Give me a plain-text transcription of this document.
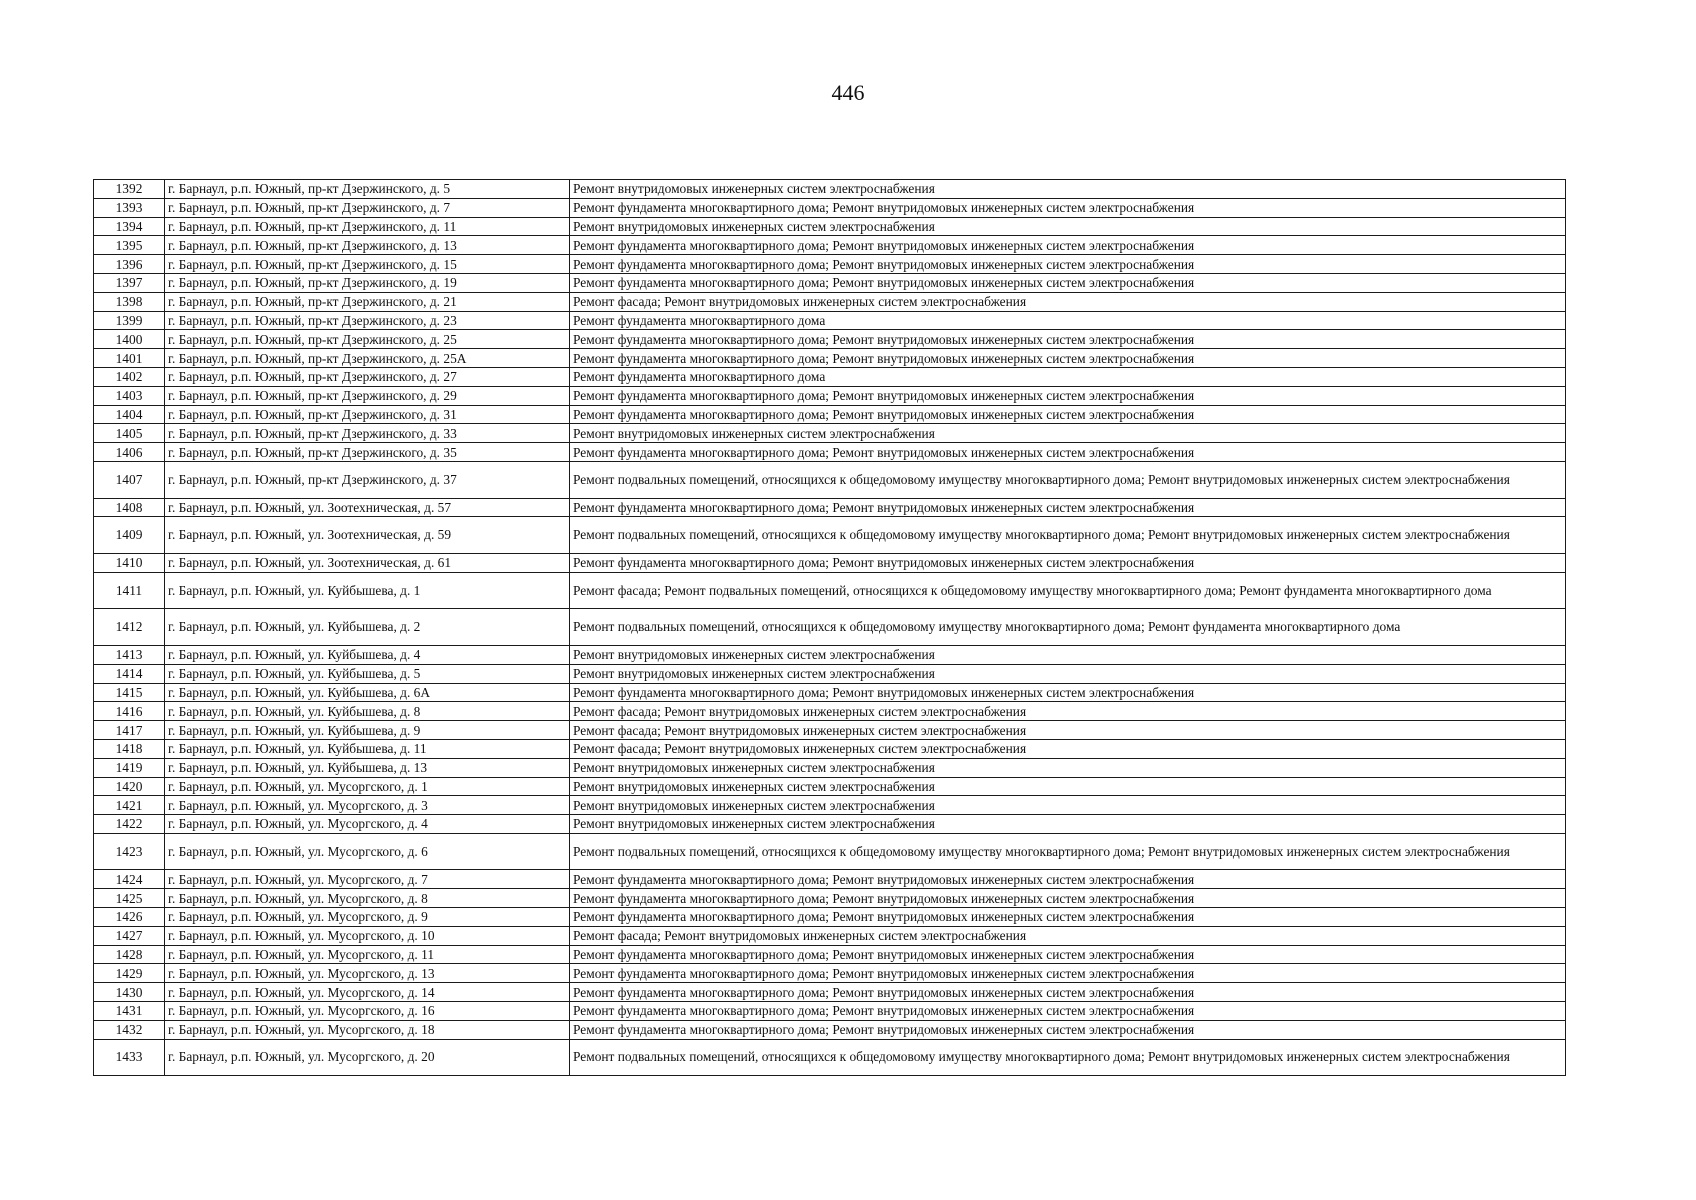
446
1392	г. Барнаул, р.п. Южный, пр-кт Дзержинского, д. 5	Ремонт внутридомовых инженерных систем электроснабжения
1393	г. Барнаул, р.п. Южный, пр-кт Дзержинского, д. 7	Ремонт фундамента многоквартирного дома; Ремонт внутридомовых инженерных систем электроснабжения
1394	г. Барнаул, р.п. Южный, пр-кт Дзержинского, д. 11	Ремонт внутридомовых инженерных систем электроснабжения
1395	г. Барнаул, р.п. Южный, пр-кт Дзержинского, д. 13	Ремонт фундамента многоквартирного дома; Ремонт внутридомовых инженерных систем электроснабжения
1396	г. Барнаул, р.п. Южный, пр-кт Дзержинского, д. 15	Ремонт фундамента многоквартирного дома; Ремонт внутридомовых инженерных систем электроснабжения
1397	г. Барнаул, р.п. Южный, пр-кт Дзержинского, д. 19	Ремонт фундамента многоквартирного дома; Ремонт внутридомовых инженерных систем электроснабжения
1398	г. Барнаул, р.п. Южный, пр-кт Дзержинского, д. 21	Ремонт фасада; Ремонт внутридомовых инженерных систем электроснабжения
1399	г. Барнаул, р.п. Южный, пр-кт Дзержинского, д. 23	Ремонт фундамента многоквартирного дома
1400	г. Барнаул, р.п. Южный, пр-кт Дзержинского, д. 25	Ремонт фундамента многоквартирного дома; Ремонт внутридомовых инженерных систем электроснабжения
1401	г. Барнаул, р.п. Южный, пр-кт Дзержинского, д. 25А	Ремонт фундамента многоквартирного дома; Ремонт внутридомовых инженерных систем электроснабжения
1402	г. Барнаул, р.п. Южный, пр-кт Дзержинского, д. 27	Ремонт фундамента многоквартирного дома
1403	г. Барнаул, р.п. Южный, пр-кт Дзержинского, д. 29	Ремонт фундамента многоквартирного дома; Ремонт внутридомовых инженерных систем электроснабжения
1404	г. Барнаул, р.п. Южный, пр-кт Дзержинского, д. 31	Ремонт фундамента многоквартирного дома; Ремонт внутридомовых инженерных систем электроснабжения
1405	г. Барнаул, р.п. Южный, пр-кт Дзержинского, д. 33	Ремонт внутридомовых инженерных систем электроснабжения
1406	г. Барнаул, р.п. Южный, пр-кт Дзержинского, д. 35	Ремонт фундамента многоквартирного дома; Ремонт внутридомовых инженерных систем электроснабжения
1407	г. Барнаул, р.п. Южный, пр-кт Дзержинского, д. 37	Ремонт подвальных помещений, относящихся к общедомовому имуществу многоквартирного дома; Ремонт внутридомовых инженерных систем электроснабжения
1408	г. Барнаул, р.п. Южный, ул. Зоотехническая, д. 57	Ремонт фундамента многоквартирного дома; Ремонт внутридомовых инженерных систем электроснабжения
1409	г. Барнаул, р.п. Южный, ул. Зоотехническая, д. 59	Ремонт подвальных помещений, относящихся к общедомовому имуществу многоквартирного дома; Ремонт внутридомовых инженерных систем электроснабжения
1410	г. Барнаул, р.п. Южный, ул. Зоотехническая, д. 61	Ремонт фундамента многоквартирного дома; Ремонт внутридомовых инженерных систем электроснабжения
1411	г. Барнаул, р.п. Южный, ул. Куйбышева, д. 1	Ремонт фасада; Ремонт подвальных помещений, относящихся к общедомовому имуществу многоквартирного дома; Ремонт фундамента многоквартирного дома
1412	г. Барнаул, р.п. Южный, ул. Куйбышева, д. 2	Ремонт подвальных помещений, относящихся к общедомовому имуществу многоквартирного дома; Ремонт фундамента многоквартирного дома
1413	г. Барнаул, р.п. Южный, ул. Куйбышева, д. 4	Ремонт внутридомовых инженерных систем электроснабжения
1414	г. Барнаул, р.п. Южный, ул. Куйбышева, д. 5	Ремонт внутридомовых инженерных систем электроснабжения
1415	г. Барнаул, р.п. Южный, ул. Куйбышева, д. 6А	Ремонт фундамента многоквартирного дома; Ремонт внутридомовых инженерных систем электроснабжения
1416	г. Барнаул, р.п. Южный, ул. Куйбышева, д. 8	Ремонт фасада; Ремонт внутридомовых инженерных систем электроснабжения
1417	г. Барнаул, р.п. Южный, ул. Куйбышева, д. 9	Ремонт фасада; Ремонт внутридомовых инженерных систем электроснабжения
1418	г. Барнаул, р.п. Южный, ул. Куйбышева, д. 11	Ремонт фасада; Ремонт внутридомовых инженерных систем электроснабжения
1419	г. Барнаул, р.п. Южный, ул. Куйбышева, д. 13	Ремонт внутридомовых инженерных систем электроснабжения
1420	г. Барнаул, р.п. Южный, ул. Мусоргского, д. 1	Ремонт внутридомовых инженерных систем электроснабжения
1421	г. Барнаул, р.п. Южный, ул. Мусоргского, д. 3	Ремонт внутридомовых инженерных систем электроснабжения
1422	г. Барнаул, р.п. Южный, ул. Мусоргского, д. 4	Ремонт внутридомовых инженерных систем электроснабжения
1423	г. Барнаул, р.п. Южный, ул. Мусоргского, д. 6	Ремонт подвальных помещений, относящихся к общедомовому имуществу многоквартирного дома; Ремонт внутридомовых инженерных систем электроснабжения
1424	г. Барнаул, р.п. Южный, ул. Мусоргского, д. 7	Ремонт фундамента многоквартирного дома; Ремонт внутридомовых инженерных систем электроснабжения
1425	г. Барнаул, р.п. Южный, ул. Мусоргского, д. 8	Ремонт фундамента многоквартирного дома; Ремонт внутридомовых инженерных систем электроснабжения
1426	г. Барнаул, р.п. Южный, ул. Мусоргского, д. 9	Ремонт фундамента многоквартирного дома; Ремонт внутридомовых инженерных систем электроснабжения
1427	г. Барнаул, р.п. Южный, ул. Мусоргского, д. 10	Ремонт фасада; Ремонт внутридомовых инженерных систем электроснабжения
1428	г. Барнаул, р.п. Южный, ул. Мусоргского, д. 11	Ремонт фундамента многоквартирного дома; Ремонт внутридомовых инженерных систем электроснабжения
1429	г. Барнаул, р.п. Южный, ул. Мусоргского, д. 13	Ремонт фундамента многоквартирного дома; Ремонт внутридомовых инженерных систем электроснабжения
1430	г. Барнаул, р.п. Южный, ул. Мусоргского, д. 14	Ремонт фундамента многоквартирного дома; Ремонт внутридомовых инженерных систем электроснабжения
1431	г. Барнаул, р.п. Южный, ул. Мусоргского, д. 16	Ремонт фундамента многоквартирного дома; Ремонт внутридомовых инженерных систем электроснабжения
1432	г. Барнаул, р.п. Южный, ул. Мусоргского, д. 18	Ремонт фундамента многоквартирного дома; Ремонт внутридомовых инженерных систем электроснабжения
1433	г. Барнаул, р.п. Южный, ул. Мусоргского, д. 20	Ремонт подвальных помещений, относящихся к общедомовому имуществу многоквартирного дома; Ремонт внутридомовых инженерных систем электроснабжения
